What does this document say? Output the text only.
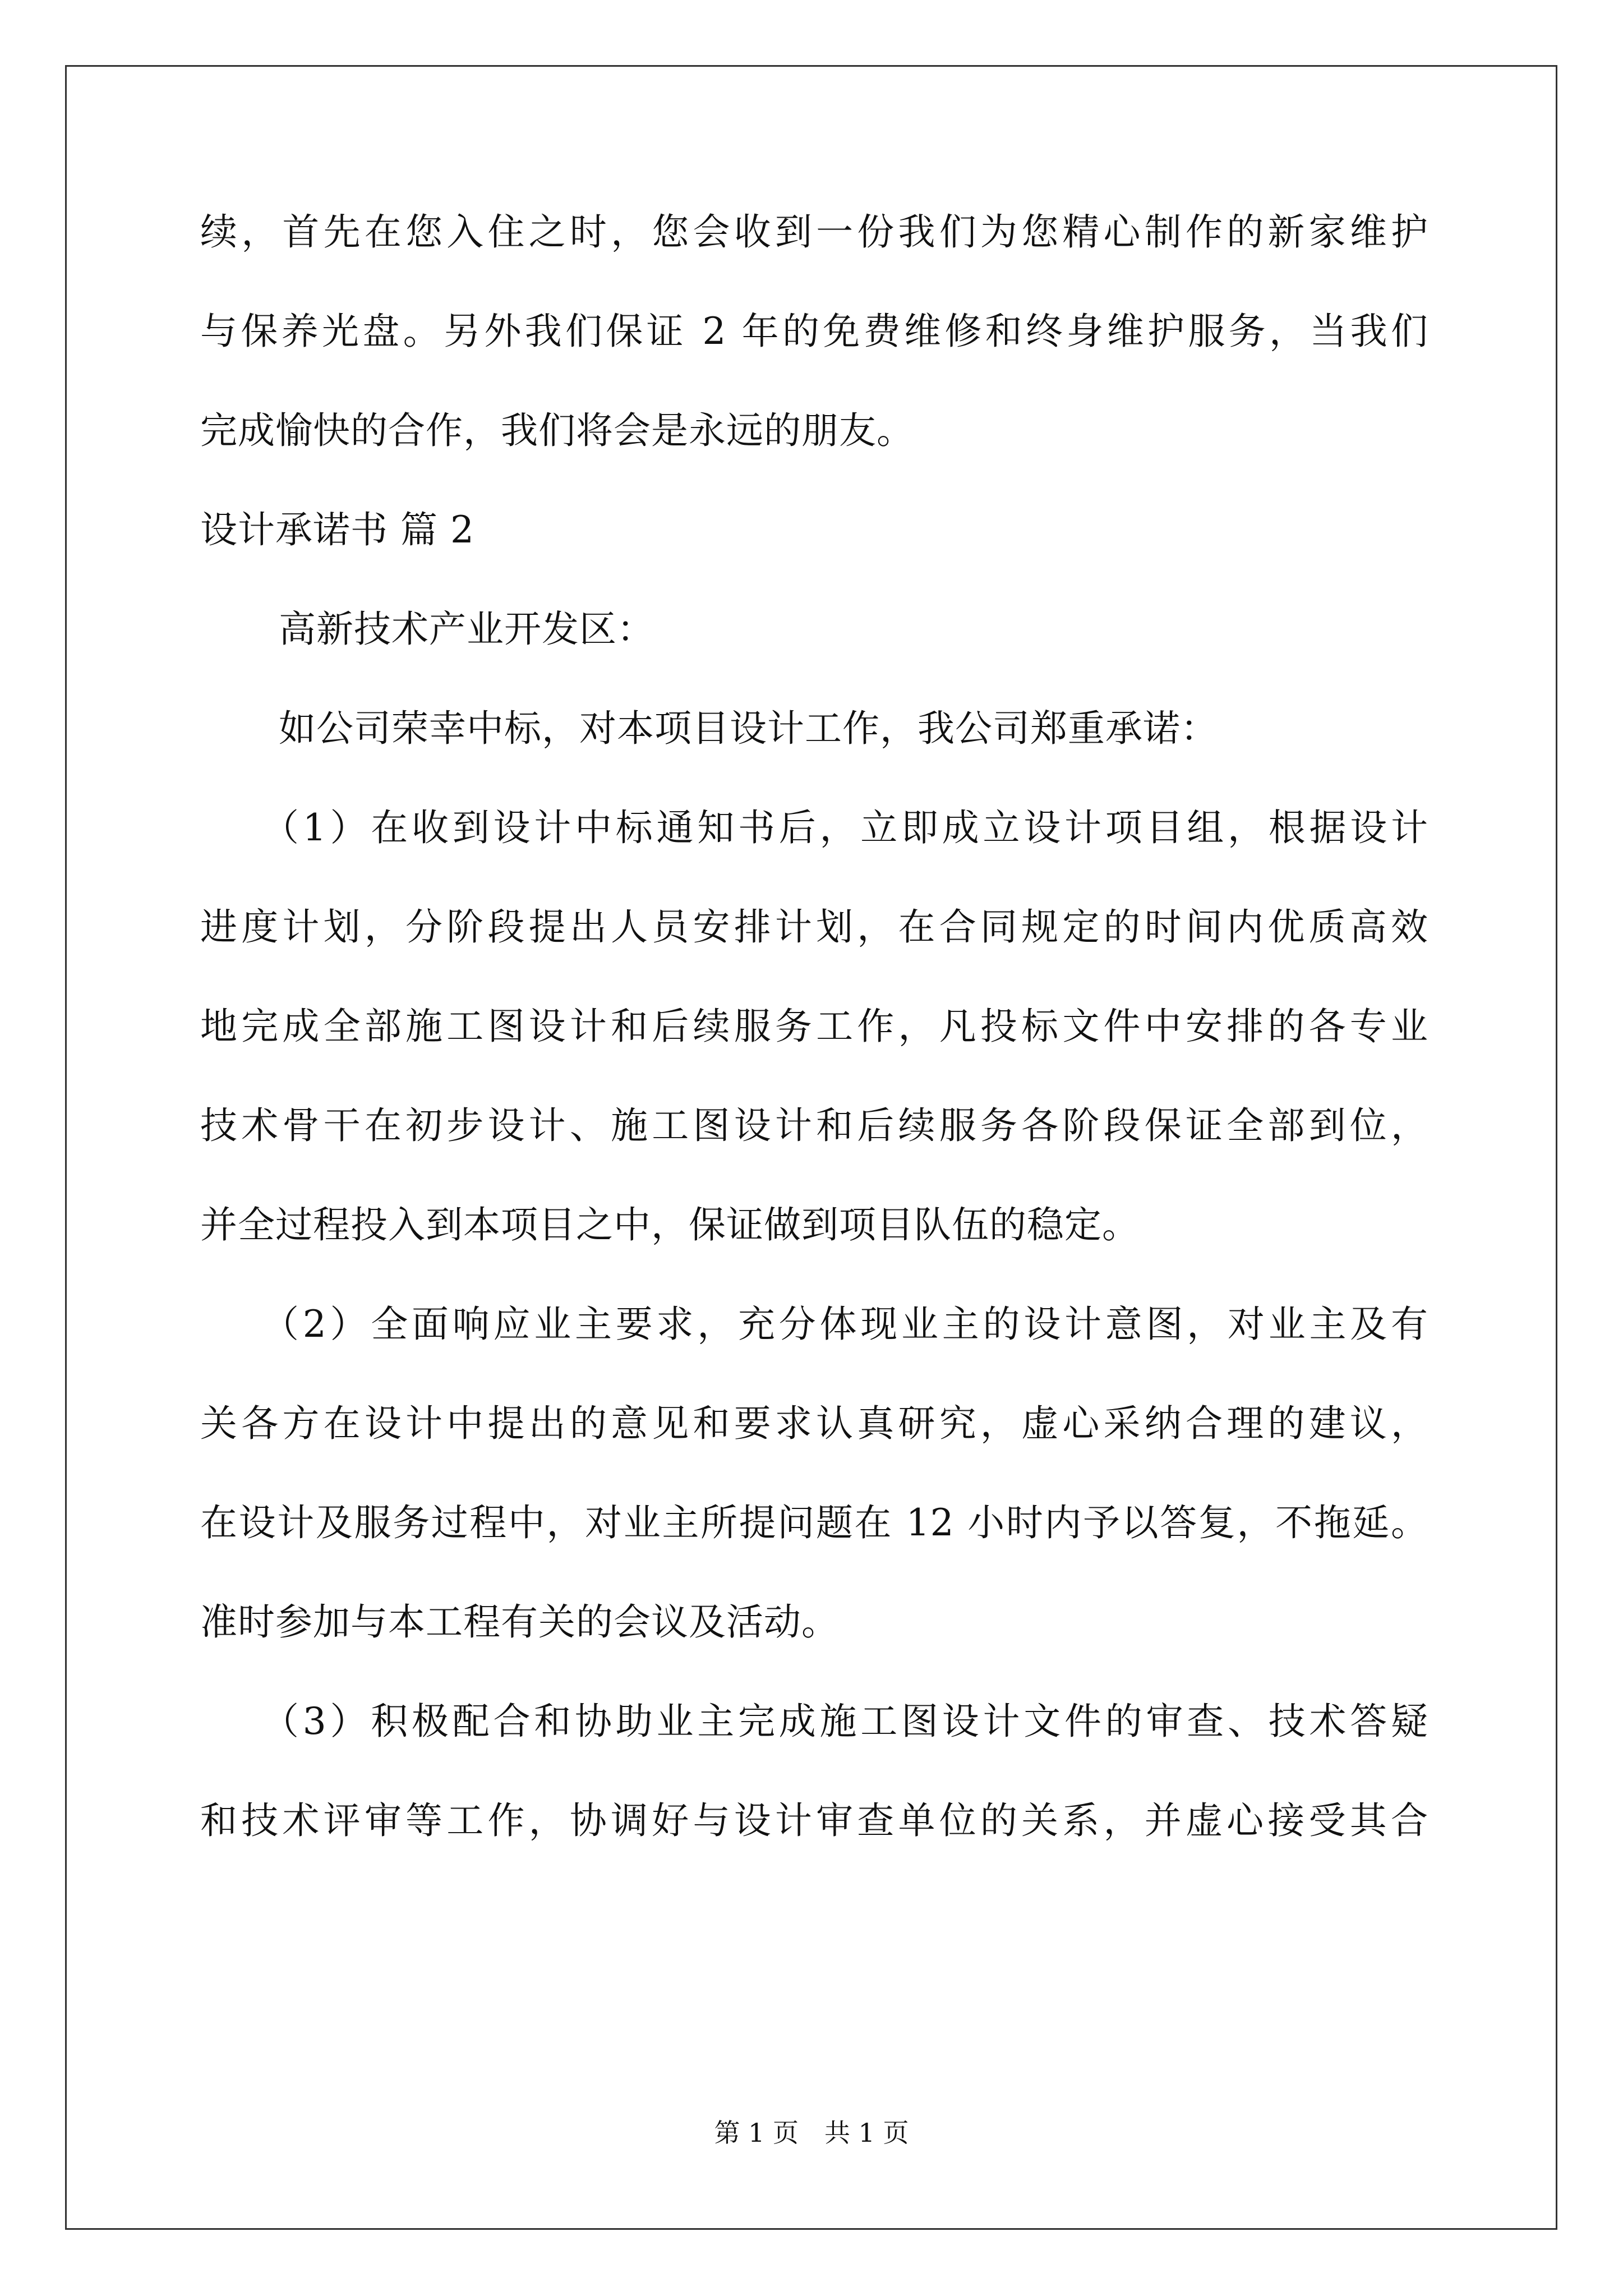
续，首先在您入住之时，您会收到一份我们为您精心制作的新家维护
与保养光盘。另外我们保证 2 年的免费维修和终身维护服务，当我们
完成愉快的合作，我们将会是永远的朋友。
设计承诺书 篇 2
高新技术产业开发区：
如公司荣幸中标，对本项目设计工作，我公司郑重承诺：
（1）在收到设计中标通知书后，立即成立设计项目组，根据设计
进度计划，分阶段提出人员安排计划，在合同规定的时间内优质高效
地完成全部施工图设计和后续服务工作，凡投标文件中安排的各专业
技术骨干在初步设计、施工图设计和后续服务各阶段保证全部到位，
并全过程投入到本项目之中，保证做到项目队伍的稳定。
（2）全面响应业主要求，充分体现业主的设计意图，对业主及有
关各方在设计中提出的意见和要求认真研究，虚心采纳合理的建议，
在设计及服务过程中，对业主所提问题在 12 小时内予以答复，不拖延。
准时参加与本工程有关的会议及活动。
（3）积极配合和协助业主完成施工图设计文件的审查、技术答疑
和技术评审等工作，协调好与设计审查单位的关系，并虚心接受其合
第 1 页　共 1 页
